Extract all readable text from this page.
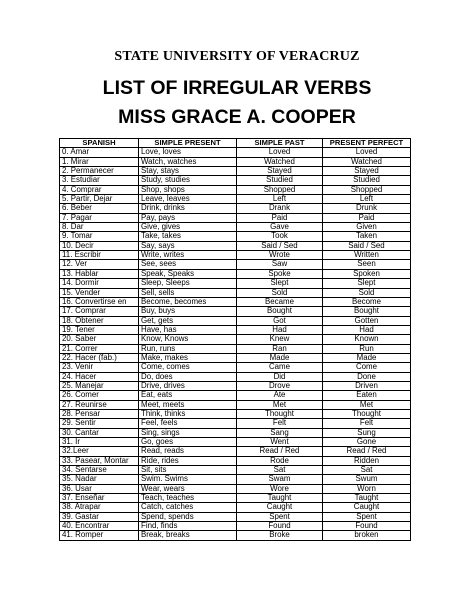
STATE UNIVERSITY OF VERACRUZ
LIST OF IRREGULAR VERBS
MISS GRACE A. COOPER
SPANISH	SIMPLE PRESENT	SIMPLE PAST	PRESENT PERFECT
0. Amar	Love, loves	Loved	Loved
1. Mirar	Watch, watches	Watched	Watched
2. Permanecer	Stay, stays	Stayed	Stayed
3. Estudiar	Study, studies	Studied	Studied
4. Comprar	Shop, shops	Shopped	Shopped
5. Partir, Dejar	Leave, leaves	Left	Left
6. Beber	Drink, drinks	Drank	Drunk
7. Pagar	Pay, pays	Paid	Paid
8. Dar	Give, gives	Gave	Given
9. Tomar	Take, takes	Took	Taken
10. Decir	Say, says	Said / Sed	Said / Sed
11. Escribir	Write, writes	Wrote	Written
12. Ver	See, sees	Saw	Seen
13. Hablar	Speak, Speaks	Spoke	Spoken
14. Dormir	Sleep, Sleeps	Slept	Slept
15. Vender	Sell, sells	Sold	Sold
16. Convertirse en	Become, becomes	Became	Become
17. Comprar	Buy, buys	Bought	Bought
18. Obtener	Get, gets	Got	Gotten
19. Tener	Have, has	Had	Had
20. Saber	Know, Knows	Knew	Known
21. Correr	Run, runs	Ran	Run
22. Hacer (fab.)	Make, makes	Made	Made
23. Venir	Come, comes	Came	Come
24. Hacer	Do, does	Did	Done
25. Manejar	Drive, drives	Drove	Driven
26. Comer	Eat, eats	Ate	Eaten
27. Reunirse	Meet, meets	Met	Met
28. Pensar	Think, thinks	Thought	Thought
29. Sentir	Feel, feels	Felt	Felt
30. Cantar	Sing, sings	Sang	Sung
31. Ir	Go, goes	Went	Gone
32.Leer	Read, reads	Read / Red	Read / Red
33. Pasear, Montar	Ride, rides	Rode	Ridden
34. Sentarse	Sit, sits	Sat	Sat
35. Nadar	Swim. Swims	Swam	Swum
36. Usar	Wear, wears	Wore	Worn
37. Enseñar	Teach, teaches	Taught	Taught
38. Atrapar	Catch, catches	Caught	Caught
39. Gastar	Spend, spends	Spent	Spent
40. Encontrar	Find, finds	Found	Found
41. Romper	Break, breaks	Broke	broken
